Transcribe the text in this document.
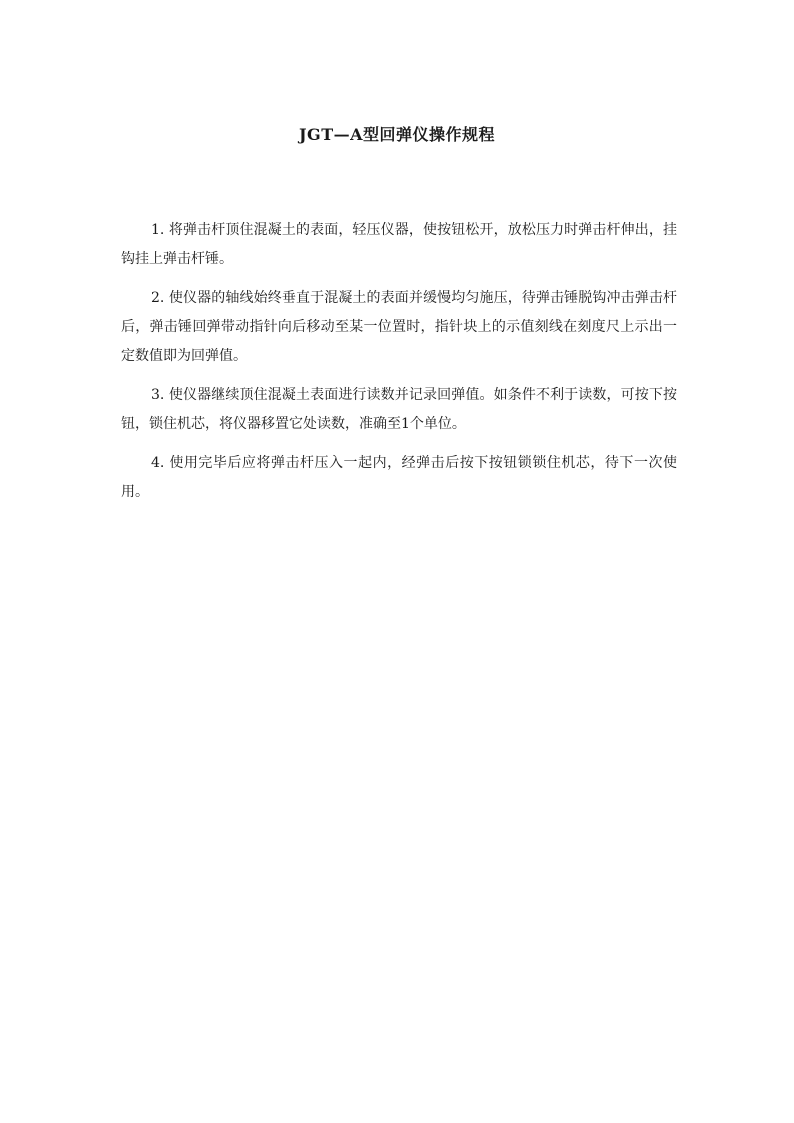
JGT—A型回弹仪操作规程

1. 将弹击杆顶住混凝土的表面，轻压仪器，使按钮松开，放松压力时弹击杆伸出，挂钩挂上弹击杆锤。

2. 使仪器的轴线始终垂直于混凝土的表面并缓慢均匀施压，待弹击锤脱钩冲击弹击杆后，弹击锤回弹带动指针向后移动至某一位置时，指针块上的示值刻线在刻度尺上示出一定数值即为回弹值。

3. 使仪器继续顶住混凝土表面进行读数并记录回弹值。如条件不利于读数，可按下按钮，锁住机芯，将仪器移置它处读数，准确至1个单位。

4. 使用完毕后应将弹击杆压入一起内，经弹击后按下按钮锁锁住机芯，待下一次使用。
